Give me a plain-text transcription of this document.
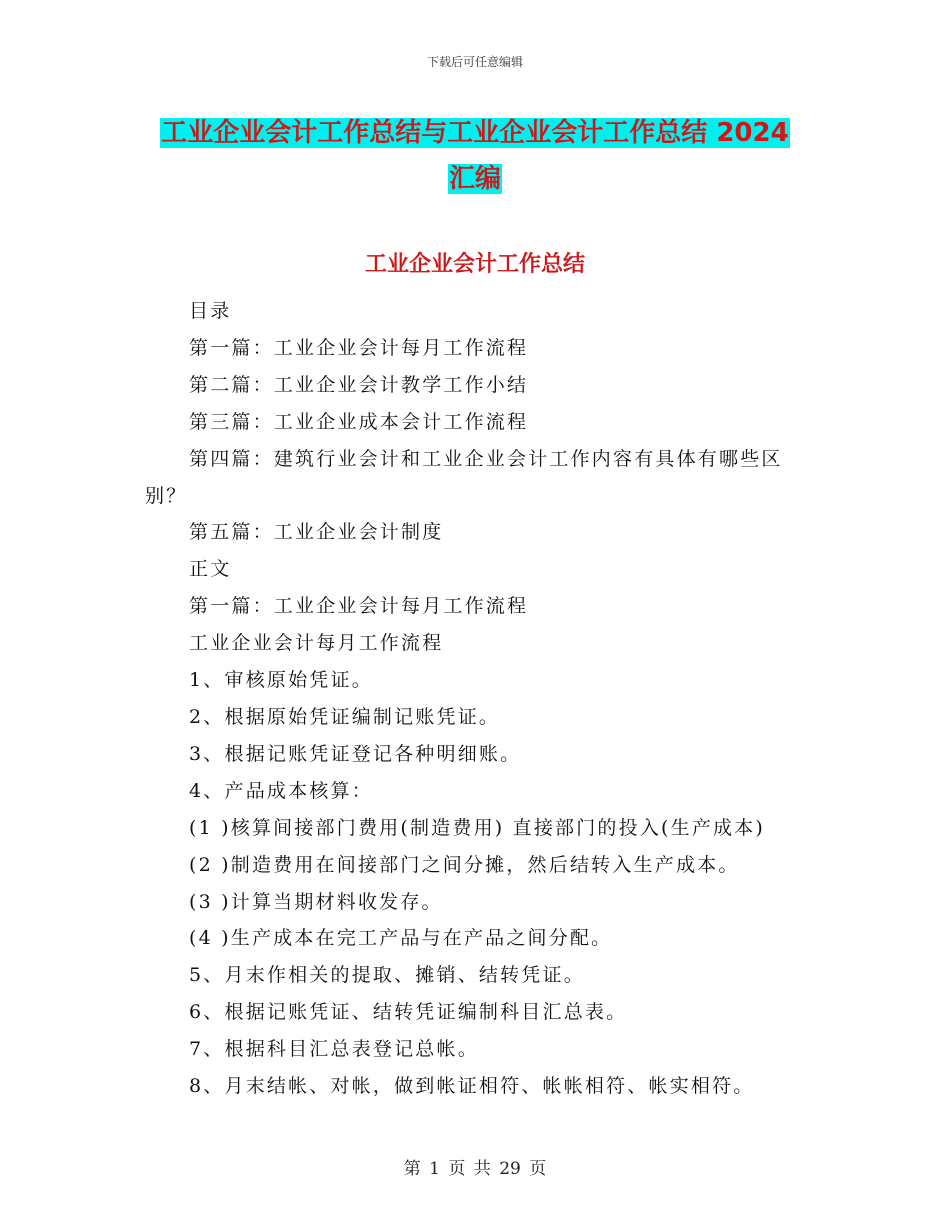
下载后可任意编辑
工业企业会计工作总结与工业企业会计工作总结 2024
汇编
工业企业会计工作总结

目录

第一篇：工业企业会计每月工作流程

第二篇：工业企业会计教学工作小结

第三篇：工业企业成本会计工作流程

第四篇：建筑行业会计和工业企业会计工作内容有具体有哪些区别？

第五篇：工业企业会计制度

正文

第一篇：工业企业会计每月工作流程

工业企业会计每月工作流程

1、审核原始凭证。

2、根据原始凭证编制记账凭证。

3、根据记账凭证登记各种明细账。

4、产品成本核算：

(1 )核算间接部门费用(制造费用) 直接部门的投入(生产成本)

(2 )制造费用在间接部门之间分摊，然后结转入生产成本。

(3 )计算当期材料收发存。

(4 )生产成本在完工产品与在产品之间分配。

5、月末作相关的提取、摊销、结转凭证。

6、根据记账凭证、结转凭证编制科目汇总表。

7、根据科目汇总表登记总帐。

8、月末结帐、对帐，做到帐证相符、帐帐相符、帐实相符。

第 1 页 共 29 页
